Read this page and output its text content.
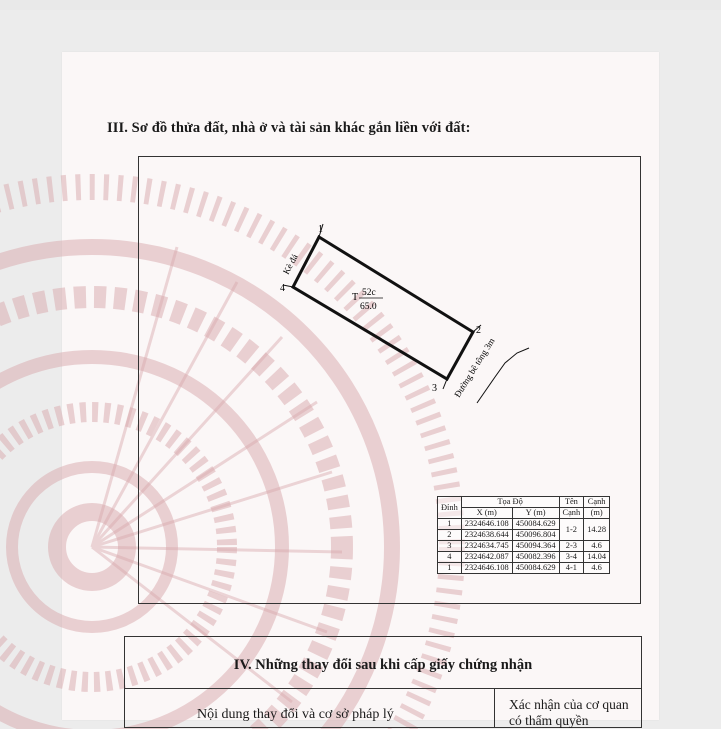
III. Sơ đồ thửa đất, nhà ở và tài sản khác gắn liền với đất:
1
2
3
4
T 52c
65.0
Kè đá
Đường bê tông 3m
Đỉnh	Tọa Độ		Tên	Cạnh
	X (m)	Y (m)	Cạnh	(m)
1	2324646.108	450084.629	1-2	14.28
2	2324638.644	450096.804		
3	2324634.745	450094.364	2-3	4.6
4	2324642.087	450082.396	3-4	14.04
1	2324646.108	450084.629	4-1	4.6
IV. Những thay đổi sau khi cấp giấy chứng nhận
Nội dung thay đổi và cơ sở pháp lý
Xác nhận của cơ quan
có thẩm quyền
